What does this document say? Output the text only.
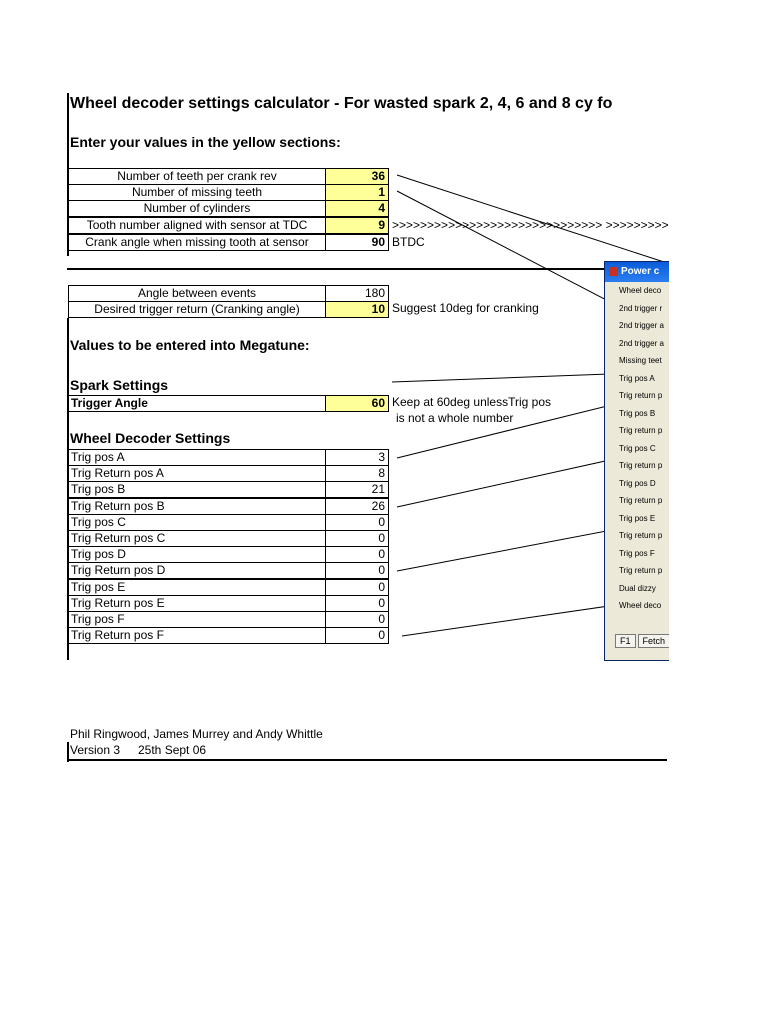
Wheel decoder settings calculator - For wasted spark 2, 4, 6 and 8 cy fo
Enter your values in the yellow sections:
Number of teeth per crank rev	36
Number of missing teeth	1
Number of cylinders	4
Tooth number aligned with sensor at TDC	9 >>>>>>>>>>>>>>>>>>>>>>>>>>>>>> >>>>>>>>>
Crank angle when missing tooth at sensor	90 BTDC
Angle between events	180
Desired trigger return (Cranking angle)	10 Suggest 10deg for cranking
Values to be entered into Megatune:
Spark Settings
Trigger Angle	60 Keep at 60deg unlessTrig pos
is not a whole number
Wheel Decoder Settings
Trig pos A	3
Trig Return pos A	8
Trig pos B	21
Trig Return pos B	26
Trig pos C	0
Trig Return pos C	0
Trig pos D	0
Trig Return pos D	0
Trig pos E	0
Trig Return pos E	0
Trig pos F	0
Trig Return pos F	0
Phil Ringwood, James Murrey and Andy Whittle
Version 3 25th Sept 06
Power c
Wheel deco
2nd trigger r
2nd trigger a
2nd trigger a
Missing teet
Trig pos A
Trig return p
Trig pos B
Trig return p
Trig pos C
Trig return p
Trig pos D
Trig return p
Trig pos E
Trig return p
Trig pos F
Trig return p
Dual dizzy
Wheel deco
F1 Fetch
